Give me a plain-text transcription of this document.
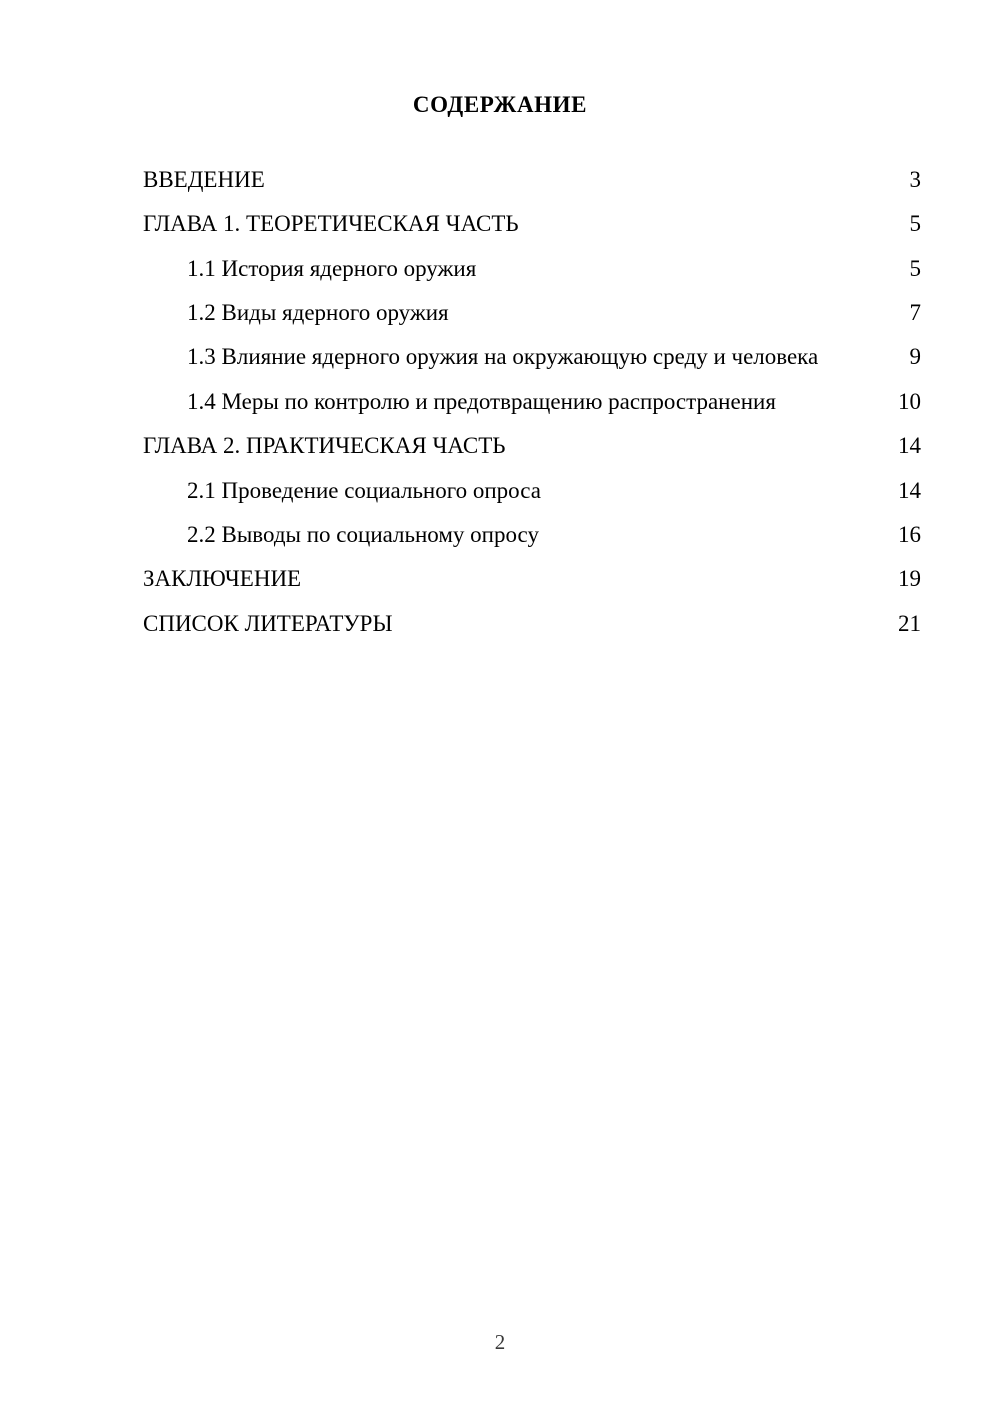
СОДЕРЖАНИЕ
ВВЕДЕНИЕ	3
ГЛАВА 1. ТЕОРЕТИЧЕСКАЯ ЧАСТЬ	5
1.1 История ядерного оружия	5
1.2 Виды ядерного оружия	7
1.3 Влияние ядерного оружия на окружающую среду и человека	9
1.4 Меры по контролю и предотвращению распространения	10
ГЛАВА 2. ПРАКТИЧЕСКАЯ ЧАСТЬ	14
2.1 Проведение социального опроса	14
2.2 Выводы по социальному опросу	16
ЗАКЛЮЧЕНИЕ	19
СПИСОК ЛИТЕРАТУРЫ	21
2
